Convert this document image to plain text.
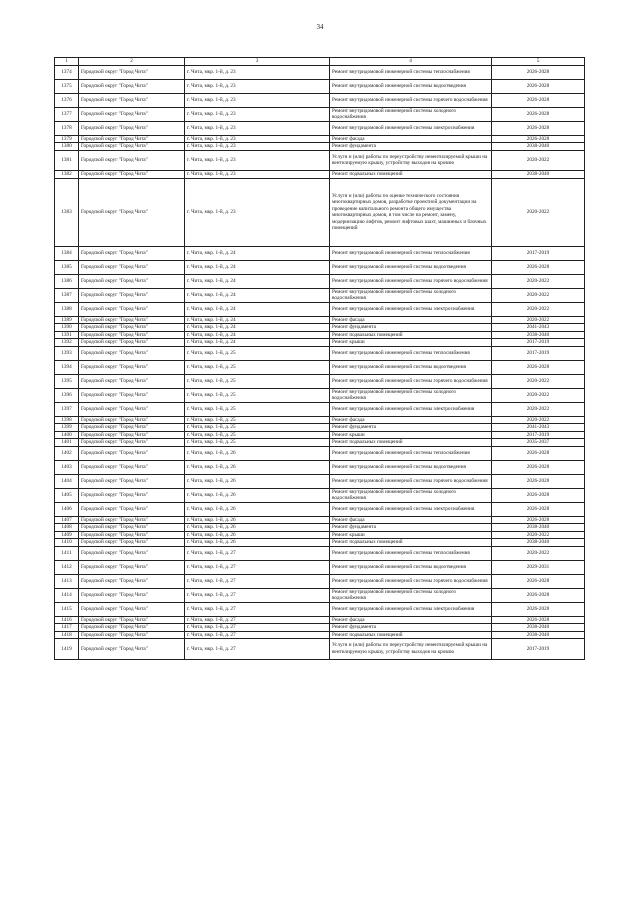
34
1	2	3	4	5
1374	Городской округ "Город Чита"	г. Чита, мкр. 1-й, д. 23	Ремонт внутридомовой инженерной системы теплоснабжения	2026-2028
1375	Городской округ "Город Чита"	г. Чита, мкр. 1-й, д. 23	Ремонт внутридомовой инженерной системы водоотведения	2026-2028
1376	Городской округ "Город Чита"	г. Чита, мкр. 1-й, д. 23	Ремонт внутридомовой инженерной системы горячего водоснабжения	2026-2028
1377	Городской округ "Город Чита"	г. Чита, мкр. 1-й, д. 23	Ремонт внутридомовой инженерной системы холодного водоснабжения	2026-2028
1378	Городской округ "Город Чита"	г. Чита, мкр. 1-й, д. 23	Ремонт внутридомовой инженерной системы электроснабжения	2026-2028
1379	Городской округ "Город Чита"	г. Чита, мкр. 1-й, д. 23	Ремонт фасада	2026-2028
1380	Городской округ "Город Чита"	г. Чита, мкр. 1-й, д. 23	Ремонт фундамента	2038-2040
1381	Городской округ "Город Чита"	г. Чита, мкр. 1-й, д. 23	Услуги и (или) работы по переустройству невентилируемой крыши на вентилируемую крышу, устройству выходов на кровлю	2020-2022
1382	Городской округ "Город Чита"	г. Чита, мкр. 1-й, д. 23	Ремонт подвальных помещений	2038-2040
1383	Городской округ "Город Чита"	г. Чита, мкр. 1-й, д. 23	Услуги и (или) работы по оценке технического состояния многоквартирных домов, разработке проектной документации на проведение капитального ремонта общего имущества многоквартирных домов, в том числе на ремонт, замену, модернизацию лифтов, ремонт лифтовых шахт, машинных и блочных помещений	2020-2022
1384	Городской округ "Город Чита"	г. Чита, мкр. 1-й, д. 24	Ремонт внутридомовой инженерной системы теплоснабжения	2017-2019
1385	Городской округ "Город Чита"	г. Чита, мкр. 1-й, д. 24	Ремонт внутридомовой инженерной системы водоотведения	2026-2028
1386	Городской округ "Город Чита"	г. Чита, мкр. 1-й, д. 24	Ремонт внутридомовой инженерной системы горячего водоснабжения	2020-2022
1387	Городской округ "Город Чита"	г. Чита, мкр. 1-й, д. 24	Ремонт внутридомовой инженерной системы холодного водоснабжения	2020-2022
1388	Городской округ "Город Чита"	г. Чита, мкр. 1-й, д. 24	Ремонт внутридомовой инженерной системы электроснабжения	2020-2022
1389	Городской округ "Город Чита"	г. Чита, мкр. 1-й, д. 24	Ремонт фасада	2020-2022
1390	Городской округ "Город Чита"	г. Чита, мкр. 1-й, д. 24	Ремонт фундамента	2041-2043
1391	Городской округ "Город Чита"	г. Чита, мкр. 1-й, д. 24	Ремонт подвальных помещений	2038-2040
1392	Городской округ "Город Чита"	г. Чита, мкр. 1-й, д. 24	Ремонт крыши	2017-2019
1393	Городской округ "Город Чита"	г. Чита, мкр. 1-й, д. 25	Ремонт внутридомовой инженерной системы теплоснабжения	2017-2019
1394	Городской округ "Город Чита"	г. Чита, мкр. 1-й, д. 25	Ремонт внутридомовой инженерной системы водоотведения	2026-2028
1395	Городской округ "Город Чита"	г. Чита, мкр. 1-й, д. 25	Ремонт внутридомовой инженерной системы горячего водоснабжения	2020-2022
1396	Городской округ "Город Чита"	г. Чита, мкр. 1-й, д. 25	Ремонт внутридомовой инженерной системы холодного водоснабжения	2020-2022
1397	Городской округ "Город Чита"	г. Чита, мкр. 1-й, д. 25	Ремонт внутридомовой инженерной системы электроснабжения	2020-2022
1398	Городской округ "Город Чита"	г. Чита, мкр. 1-й, д. 25	Ремонт фасада	2020-2022
1399	Городской округ "Город Чита"	г. Чита, мкр. 1-й, д. 25	Ремонт фундамента	2041-2043
1400	Городской округ "Город Чита"	г. Чита, мкр. 1-й, д. 25	Ремонт крыши	2017-2019
1401	Городской округ "Город Чита"	г. Чита, мкр. 1-й, д. 25	Ремонт подвальных помещений	2035-2037
1402	Городской округ "Город Чита"	г. Чита, мкр. 1-й, д. 26	Ремонт внутридомовой инженерной системы теплоснабжения	2026-2028
1403	Городской округ "Город Чита"	г. Чита, мкр. 1-й, д. 26	Ремонт внутридомовой инженерной системы водоотведения	2026-2028
1404	Городской округ "Город Чита"	г. Чита, мкр. 1-й, д. 26	Ремонт внутридомовой инженерной системы горячего водоснабжения	2026-2028
1405	Городской округ "Город Чита"	г. Чита, мкр. 1-й, д. 26	Ремонт внутридомовой инженерной системы холодного водоснабжения	2026-2028
1406	Городской округ "Город Чита"	г. Чита, мкр. 1-й, д. 26	Ремонт внутридомовой инженерной системы электроснабжения	2026-2028
1407	Городской округ "Город Чита"	г. Чита, мкр. 1-й, д. 26	Ремонт фасада	2026-2028
1408	Городской округ "Город Чита"	г. Чита, мкр. 1-й, д. 26	Ремонт фундамента	2038-2040
1409	Городской округ "Город Чита"	г. Чита, мкр. 1-й, д. 26	Ремонт крыши	2020-2022
1410	Городской округ "Город Чита"	г. Чита, мкр. 1-й, д. 26	Ремонт подвальных помещений	2038-2040
1411	Городской округ "Город Чита"	г. Чита, мкр. 1-й, д. 27	Ремонт внутридомовой инженерной системы теплоснабжения	2020-2022
1412	Городской округ "Город Чита"	г. Чита, мкр. 1-й, д. 27	Ремонт внутридомовой инженерной системы водоотведения	2029-2031
1413	Городской округ "Город Чита"	г. Чита, мкр. 1-й, д. 27	Ремонт внутридомовой инженерной системы горячего водоснабжения	2026-2028
1414	Городской округ "Город Чита"	г. Чита, мкр. 1-й, д. 27	Ремонт внутридомовой инженерной системы холодного водоснабжения	2026-2028
1415	Городской округ "Город Чита"	г. Чита, мкр. 1-й, д. 27	Ремонт внутридомовой инженерной системы электроснабжения	2026-2028
1416	Городской округ "Город Чита"	г. Чита, мкр. 1-й, д. 27	Ремонт фасада	2026-2028
1417	Городской округ "Город Чита"	г. Чита, мкр. 1-й, д. 27	Ремонт фундамента	2038-2040
1418	Городской округ "Город Чита"	г. Чита, мкр. 1-й, д. 27	Ремонт подвальных помещений	2038-2040
1419	Городской округ "Город Чита"	г. Чита, мкр. 1-й, д. 27	Услуги и (или) работы по переустройству невентилируемой крыши на вентилируемую крышу, устройству выходов на кровлю	2017-2019
